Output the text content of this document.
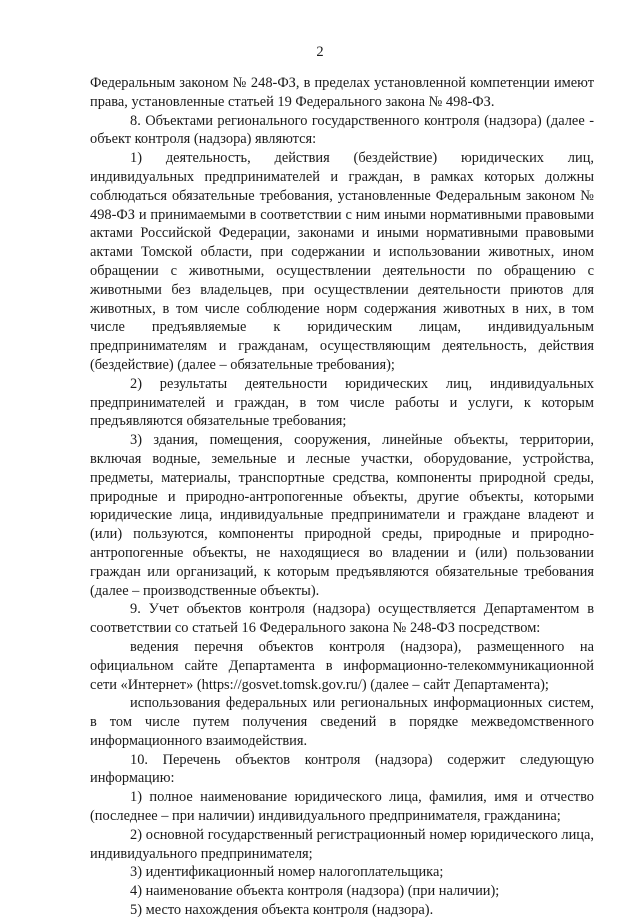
2

Федеральным законом № 248-ФЗ, в пределах установленной компетенции имеют права, установленные статьей 19 Федерального закона № 498-ФЗ.

8. Объектами регионального государственного контроля (надзора) (далее - объект контроля (надзора) являются:

1) деятельность, действия (бездействие) юридических лиц, индивидуальных предпринимателей и граждан, в рамках которых должны соблюдаться обязательные требования, установленные Федеральным законом № 498-ФЗ и принимаемыми в соответствии с ним иными нормативными правовыми актами Российской Федерации, законами и иными нормативными правовыми актами Томской области, при содержании и использовании животных, ином обращении с животными, осуществлении деятельности по обращению с животными без владельцев, при осуществлении деятельности приютов для животных, в том числе соблюдение норм содержания животных в них, в том числе предъявляемые к юридическим лицам, индивидуальным предпринимателям и гражданам, осуществляющим деятельность, действия (бездействие) (далее – обязательные требования);

2) результаты деятельности юридических лиц, индивидуальных предпринимателей и граждан, в том числе работы и услуги, к которым предъявляются обязательные требования;

3) здания, помещения, сооружения, линейные объекты, территории, включая водные, земельные и лесные участки, оборудование, устройства, предметы, материалы, транспортные средства, компоненты природной среды, природные и природно-антропогенные объекты, другие объекты, которыми юридические лица, индивидуальные предприниматели и граждане владеют и (или) пользуются, компоненты природной среды, природные и природно-антропогенные объекты, не находящиеся во владении и (или) пользовании граждан или организаций, к которым предъявляются обязательные требования (далее – производственные объекты).

9. Учет объектов контроля (надзора) осуществляется Департаментом в соответствии со статьей 16 Федерального закона № 248-ФЗ посредством:

ведения перечня объектов контроля (надзора), размещенного на официальном сайте Департамента в информационно-телекоммуникационной сети «Интернет» (https://gosvet.tomsk.gov.ru/) (далее – сайт Департамента);

использования федеральных или региональных информационных систем, в том числе путем получения сведений в порядке межведомственного информационного взаимодействия.

10. Перечень объектов контроля (надзора) содержит следующую информацию:

1) полное наименование юридического лица, фамилия, имя и отчество (последнее – при наличии) индивидуального предпринимателя, гражданина;

2) основной государственный регистрационный номер юридического лица, индивидуального предпринимателя;

3) идентификационный номер налогоплательщика;

4) наименование объекта контроля (надзора) (при наличии);

5) место нахождения объекта контроля (надзора).
